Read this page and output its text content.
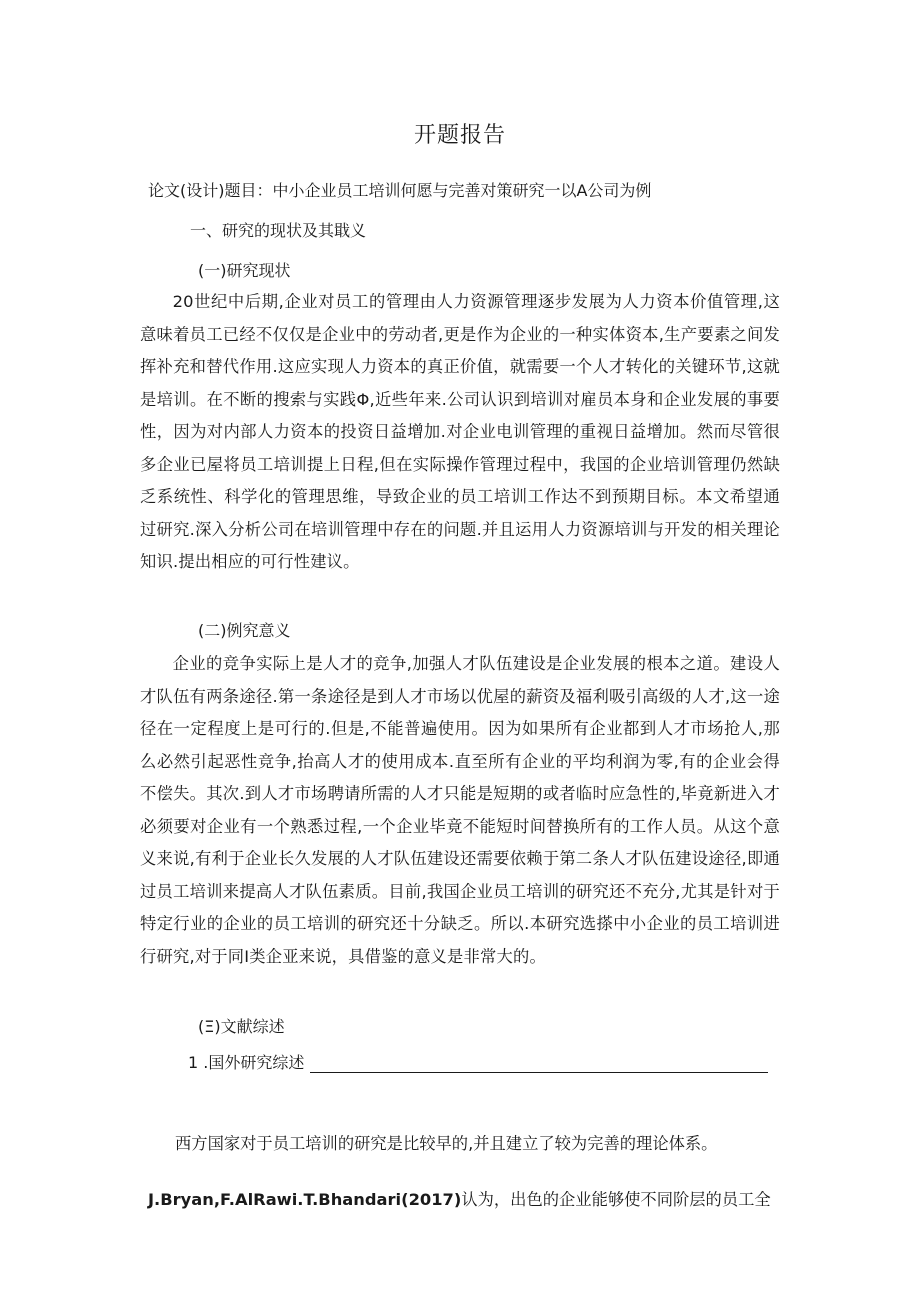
开题报告
论文(设计)题目：中小企业员工培训何愿与完善对策研究一以A公司为例
一、研究的现状及其戢义
(一)研究现状
20世纪中后期,企业对员工的管理由人力资源管理逐步发展为人力资本价值管理,这意味着员工已经不仅仅是企业中的劳动者,更是作为企业的一种实体资本,生产要素之间发挥补充和替代作用.这应实现人力资本的真正价值，就需要一个人才转化的关键环节,这就是培训。在不断的搜索与实践Φ,近些年来.公司认识到培训对雇员本身和企业发展的事要性，因为对内部人力资本的投资日益增加.对企业电训管理的重视日益增加。然而尽管很多企业已屋将员工培训提上日程,但在实际操作管理过程中，我国的企业培训管理仍然缺乏系统性、科学化的管理思维，导致企业的员工培训工作达不到预期目标。本文希望通过研究.深入分析公司在培训管理中存在的问题.并且运用人力资源培训与开发的相关理论知识.提出相应的可行性建议。
(二)例究意义
企业的竞争实际上是人才的竞争,加强人才队伍建设是企业发展的根本之道。建设人才队伍有两条途径.第一条途径是到人才市场以优屋的薪资及福利吸引高级的人才,这一途径在一定程度上是可行的.但是,不能普遍使用。因为如果所有企业都到人才市场抢人,那么必然引起恶性竞争,抬高人才的使用成本.直至所有企业的平均利润为零,有的企业会得不偿失。其次.到人才市场聘请所需的人才只能是短期的或者临时应急性的,毕竟新进入才必须要对企业有一个熟悉过程,一个企业毕竟不能短时间替换所有的工作人员。从这个意义来说,有利于企业长久发展的人才队伍建设还需要依赖于第二条人才队伍建设途径,即通过员工培训来提高人才队伍素质。目前,我国企业员工培训的研究还不充分,尤其是针对于特定行业的企业的员工培训的研究还十分缺乏。所以.本研究选搽中小企业的员工培训进行研究,对于同I类企亚来说，具借鉴的意义是非常大的。
(Ξ)文献综述
1 .国外研究综述
西方国家对于员工培训的研究是比较早的,并且建立了较为完善的理论体系。
J.Bryan,F.AlRawi.T.Bhandari(2017)认为，出色的企业能够使不同阶层的员工全
